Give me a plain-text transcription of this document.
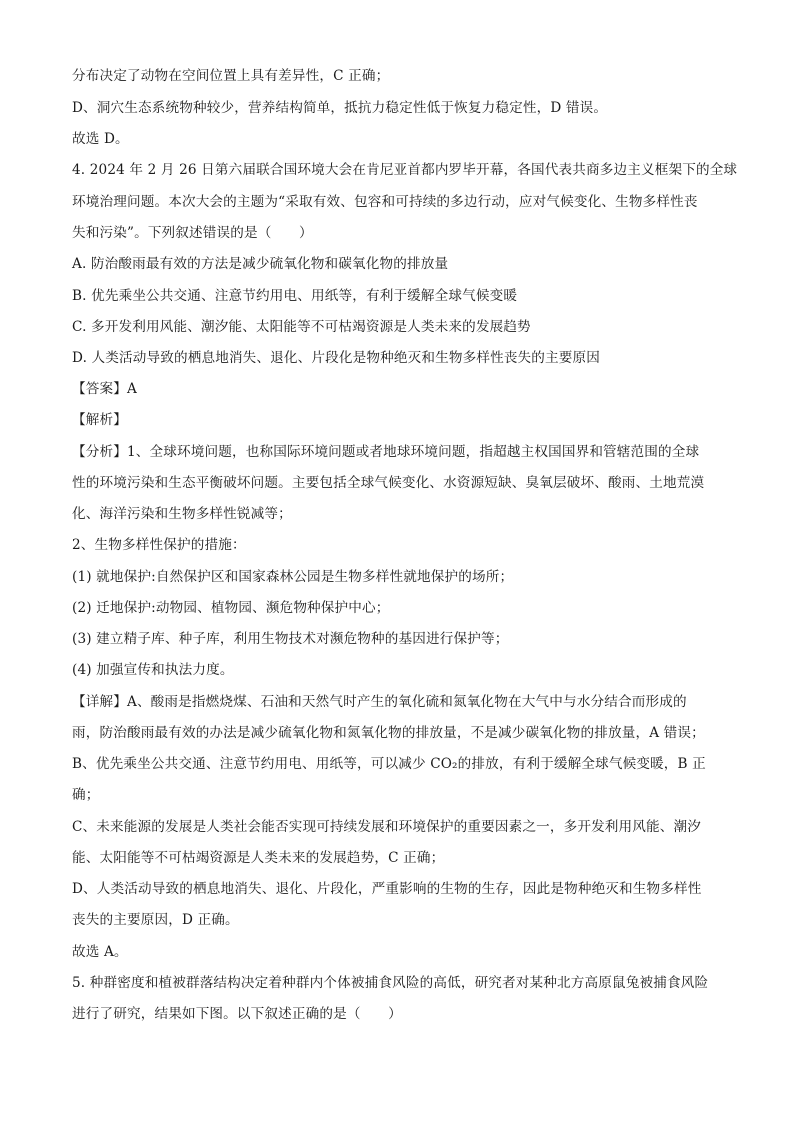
分布决定了动物在空间位置上具有差异性，C 正确；
D、洞穴生态系统物种较少，营养结构简单，抵抗力稳定性低于恢复力稳定性，D 错误。
故选 D。
4. 2024 年 2 月 26 日第六届联合国环境大会在肯尼亚首都内罗毕开幕，各国代表共商多边主义框架下的全球
环境治理问题。本次大会的主题为“采取有效、包容和可持续的多边行动，应对气候变化、生物多样性丧
失和污染”。下列叙述错误的是（　　）
A. 防治酸雨最有效的方法是减少硫氧化物和碳氧化物的排放量
B. 优先乘坐公共交通、注意节约用电、用纸等，有利于缓解全球气候变暖
C. 多开发利用风能、潮汐能、太阳能等不可枯竭资源是人类未来的发展趋势
D. 人类活动导致的栖息地消失、退化、片段化是物种绝灭和生物多样性丧失的主要原因
【答案】A
【解析】
【分析】1、全球环境问题，也称国际环境问题或者地球环境问题，指超越主权国国界和管辖范围的全球
性的环境污染和生态平衡破坏问题。主要包括全球气候变化、水资源短缺、臭氧层破坏、酸雨、土地荒漠
化、海洋污染和生物多样性锐减等；
2、生物多样性保护的措施：
(1) 就地保护:自然保护区和国家森林公园是生物多样性就地保护的场所；
(2) 迁地保护:动物园、植物园、濒危物种保护中心；
(3) 建立精子库、种子库，利用生物技术对濒危物种的基因进行保护等；
(4) 加强宣传和执法力度。
【详解】A、酸雨是指燃烧煤、石油和天然气时产生的氧化硫和氮氧化物在大气中与水分结合而形成的
雨，防治酸雨最有效的办法是减少硫氧化物和氮氧化物的排放量，不是减少碳氧化物的排放量，A 错误；
B、优先乘坐公共交通、注意节约用电、用纸等，可以减少 CO₂的排放，有利于缓解全球气候变暖，B 正
确；
C、未来能源的发展是人类社会能否实现可持续发展和环境保护的重要因素之一，多开发利用风能、潮汐
能、太阳能等不可枯竭资源是人类未来的发展趋势，C 正确；
D、人类活动导致的栖息地消失、退化、片段化，严重影响的生物的生存，因此是物种绝灭和生物多样性
丧失的主要原因，D 正确。
故选 A。
5. 种群密度和植被群落结构决定着种群内个体被捕食风险的高低，研究者对某种北方高原鼠兔被捕食风险
进行了研究，结果如下图。以下叙述正确的是（　　）
